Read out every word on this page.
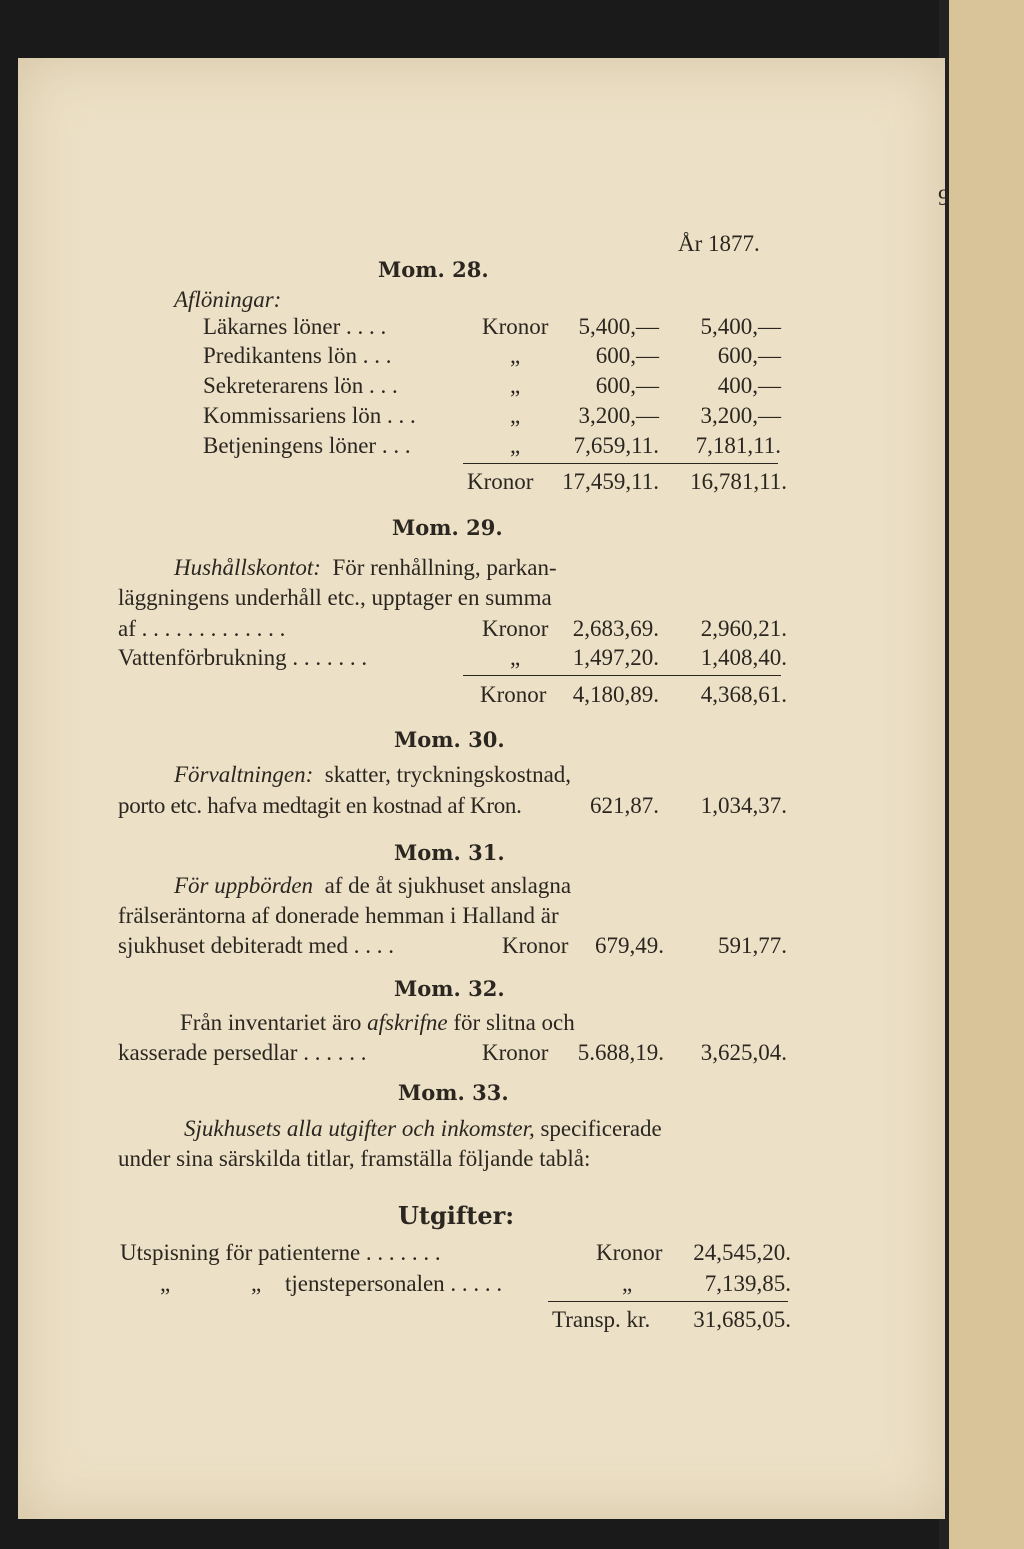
9
År 1877.
Mom. 28.
Aflöningar:
Läkarnes löner . . . .	Kronor 5,400,— 5,400,—
Predikantens lön . . .	„	600,—	600,—
Sekreterarens lön . . .	„	600,—	400,—
Kommissariens lön . . .	„	3,200,— 3,200,—
Betjeningens löner . . .	„ 7,659,11. 7,181,11.
Kronor 17,459,11. 16,781,11.
Mom. 29.
Hushållskontot: För renhållning, parkan-
läggningens underhåll etc., upptager en summa
af . . . . . . . . . . . . .	Kronor 2,683,69. 2,960,21.
Vattenförbrukning . . . . . . .	„ 1,497,20. 1,408,40.
Kronor 4,180,89. 4,368,61.
Mom. 30.
Förvaltningen: skatter, tryckningskostnad,
porto etc. hafva medtagit en kostnad af Kron.	621,87. 1,034,37.
Mom. 31.
För uppbörden af de åt sjukhuset anslagna
frälseräntorna af donerade hemman i Halland är
sjukhuset debiteradt med . . . .	Kronor 679,49. 591,77.
Mom. 32.
Från inventariet äro afskrifne för slitna och
kasserade persedlar . . . . . .	Kronor 5.688,19. 3,625,04.
Mom. 33.
Sjukhusets alla utgifter och inkomster, specificerade
under sina särskilda titlar, framställa följande tablå:
Utgifter:
Utspisning för patienterne . . . . . . .	Kronor 24,545,20.
„	„ tjenstepersonalen . . . . .	„	7,139,85.
Transp. kr. 31,685,05.
